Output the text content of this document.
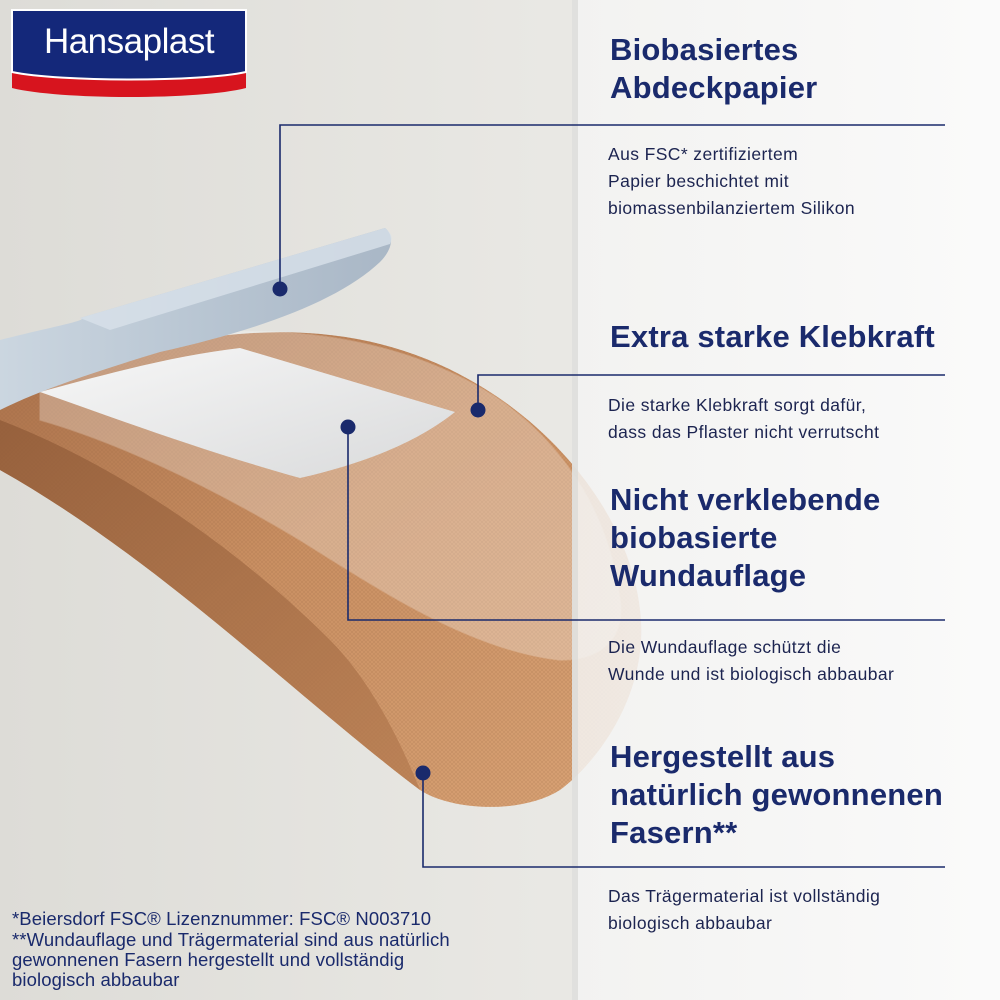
Hansaplast	Biobasiertes
Abdeckpapier

Aus FSC* zertifiziertem
Papier beschichtet mit
biomassenbilanziertem Silikon

Extra starke Klebkraft

Die starke Klebkraft sorgt dafür,
dass das Pflaster nicht verrutscht

Nicht verklebende
biobasierte
Wundauflage

Die Wundauflage schützt die
Wunde und ist biologisch abbaubar

Hergestellt aus
natürlich gewonnenen
Fasern**

Das Trägermaterial ist vollständig
biologisch abbaubar

*Beiersdorf FSC® Lizenznummer: FSC® N003710

**Wundauflage und Trägermaterial sind aus natürlich
gewonnenen Fasern hergestellt und vollständig
biologisch abbaubar
